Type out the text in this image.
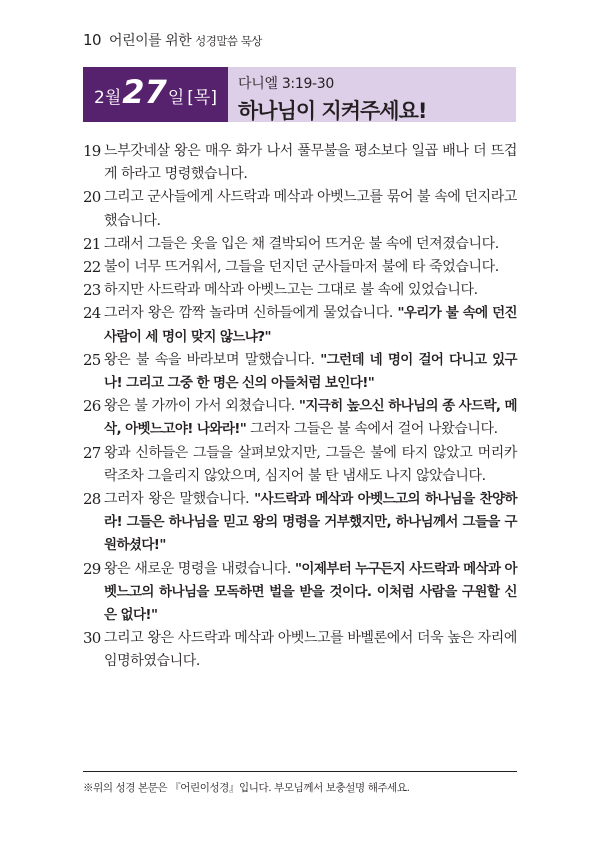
10 어린이를 위한 성경말씀 묵상
2월 27 일 [목]
다니엘 3:19-30
하나님이 지켜주세요!
19 느부갓네살 왕은 매우 화가 나서 풀무불을 평소보다 일곱 배나 더 뜨겁게 하라고 명령했습니다.
20 그리고 군사들에게 사드락과 메삭과 아벳느고를 묶어 불 속에 던지라고 했습니다.
21 그래서 그들은 옷을 입은 채 결박되어 뜨거운 불 속에 던져졌습니다.
22 불이 너무 뜨거워서, 그들을 던지던 군사들마저 불에 타 죽었습니다.
23 하지만 사드락과 메삭과 아벳느고는 그대로 불 속에 있었습니다.
24 그러자 왕은 깜짝 놀라며 신하들에게 물었습니다. "우리가 불 속에 던진 사람이 세 명이 맞지 않느냐?"
25 왕은 불 속을 바라보며 말했습니다. "그런데 네 명이 걸어 다니고 있구나! 그리고 그중 한 명은 신의 아들처럼 보인다!"
26 왕은 불 가까이 가서 외쳤습니다. "지극히 높으신 하나님의 종 사드락, 메삭, 아벳느고야! 나와라!" 그러자 그들은 불 속에서 걸어 나왔습니다.
27 왕과 신하들은 그들을 살펴보았지만, 그들은 불에 타지 않았고 머리카락조차 그을리지 않았으며, 심지어 불 탄 냄새도 나지 않았습니다.
28 그러자 왕은 말했습니다. "사드락과 메삭과 아벳느고의 하나님을 찬양하라! 그들은 하나님을 믿고 왕의 명령을 거부했지만, 하나님께서 그들을 구원하셨다!"
29 왕은 새로운 명령을 내렸습니다. "이제부터 누구든지 사드락과 메삭과 아벳느고의 하나님을 모독하면 벌을 받을 것이다. 이처럼 사람을 구원할 신은 없다!"
30 그리고 왕은 사드락과 메삭과 아벳느고를 바벨론에서 더욱 높은 자리에 임명하였습니다.
※위의 성경 본문은 『어린이성경』입니다. 부모님께서 보충설명 해주세요.
